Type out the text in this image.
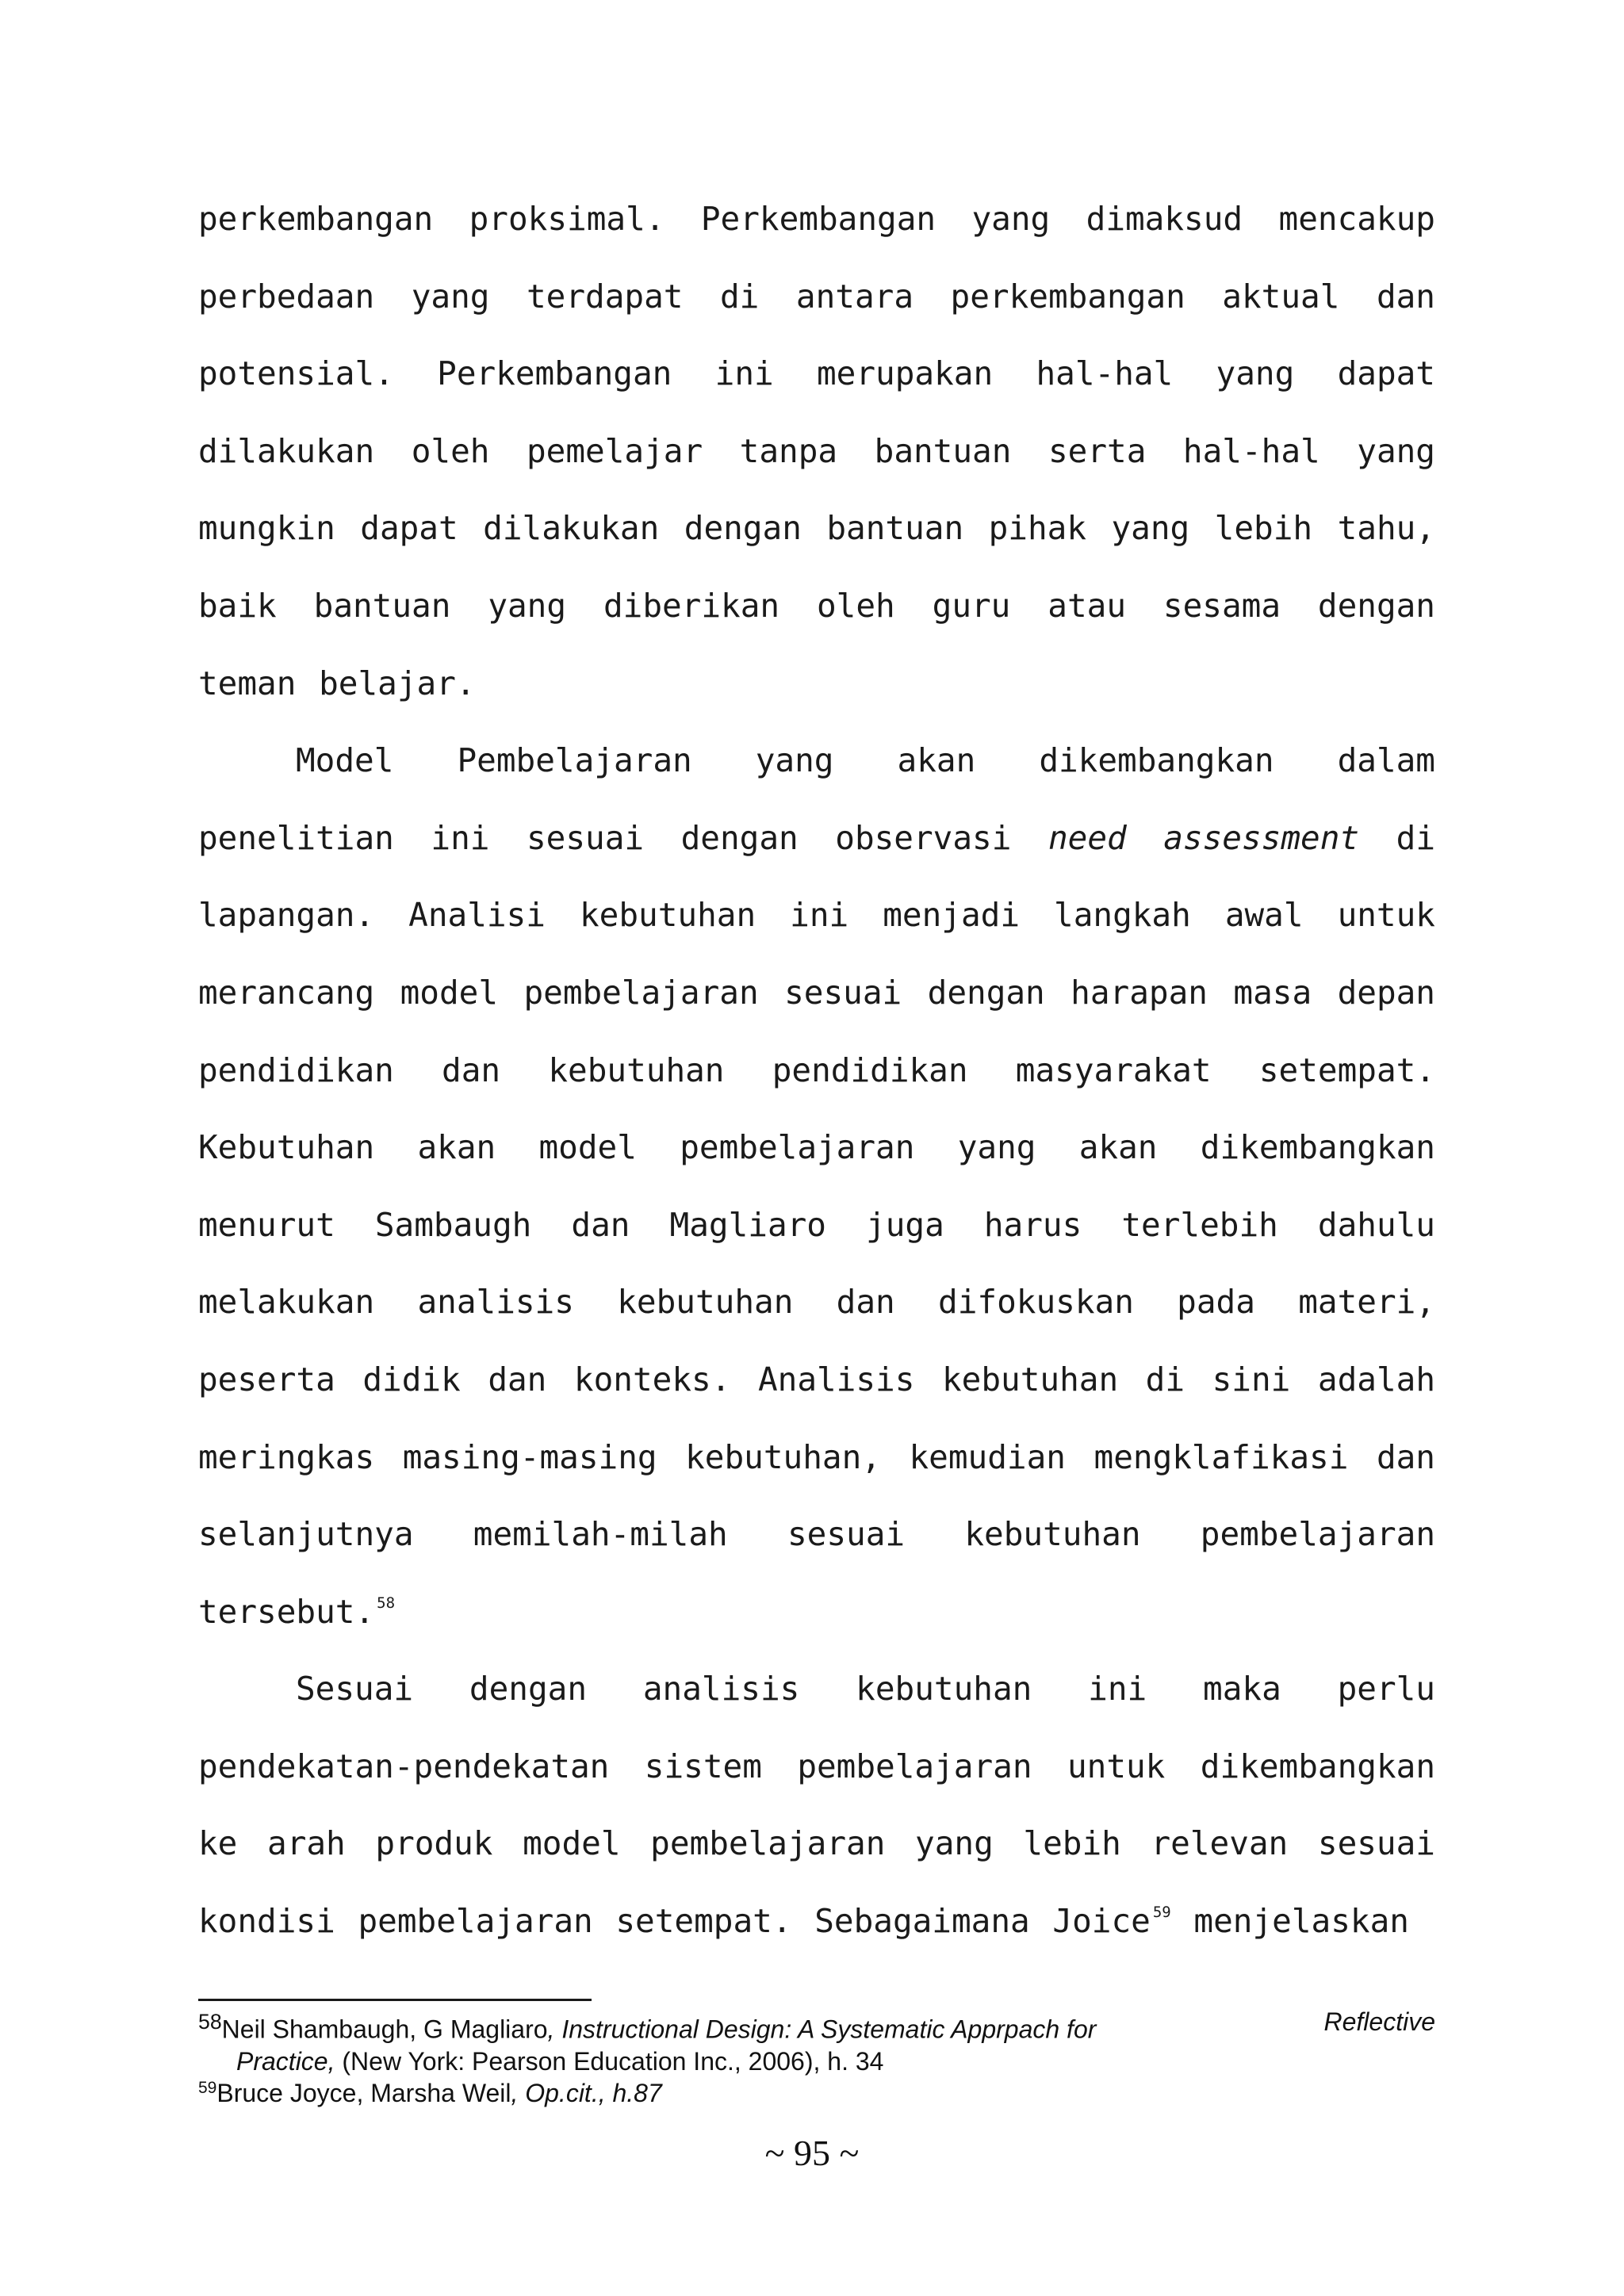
perkembangan proksimal. Perkembangan yang dimaksud mencakup perbedaan yang terdapat di antara perkembangan aktual dan potensial. Perkembangan ini merupakan hal-hal yang dapat dilakukan oleh pemelajar tanpa bantuan serta hal-hal yang mungkin dapat dilakukan dengan bantuan pihak yang lebih tahu, baik bantuan yang diberikan oleh guru atau sesama dengan teman belajar.

Model Pembelajaran yang akan dikembangkan dalam penelitian ini sesuai dengan observasi need assessment di lapangan. Analisi kebutuhan ini menjadi langkah awal untuk merancang model pembelajaran sesuai dengan harapan masa depan pendidikan dan kebutuhan pendidikan masyarakat setempat. Kebutuhan akan model pembelajaran yang akan dikembangkan menurut Sambaugh dan Magliaro juga harus terlebih dahulu melakukan analisis kebutuhan dan difokuskan pada materi, peserta didik dan konteks. Analisis kebutuhan di sini adalah meringkas masing-masing kebutuhan, kemudian mengklafikasi dan selanjutnya memilah-milah sesuai kebutuhan pembelajaran tersebut. $^{58}$

Sesuai dengan analisis kebutuhan ini maka perlu pendekatan-pendekatan sistem pembelajaran untuk dikembangkan ke arah produk model pembelajaran yang lebih relevan sesuai kondisi pembelajaran setempat. Sebagaimana Joice $^{59}$ menjelaskan

$^{58}$Neil Shambaugh, G Magliaro, Instructional Design: A Systematic Apprpach for	Reflective
Practice, (New York: Pearson Education Inc., 2006), h. 34
$^{59}$Bruce Joyce, Marsha Weil, Op.cit., h.87
~ 95 ~
